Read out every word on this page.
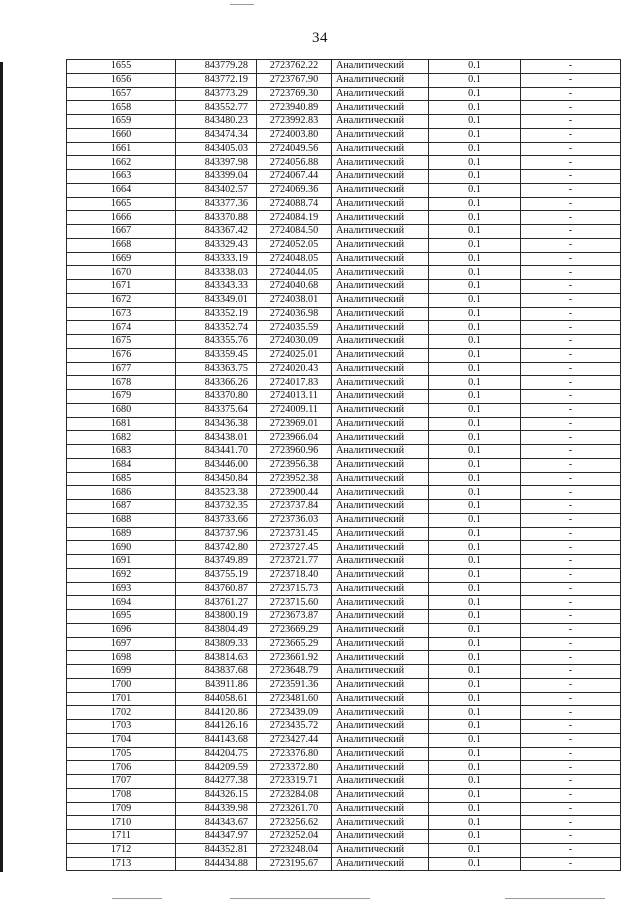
34
1655	843779.28	2723762.22	Аналитический	0.1	-
1656	843772.19	2723767.90	Аналитический	0.1	-
1657	843773.29	2723769.30	Аналитический	0.1	-
1658	843552.77	2723940.89	Аналитический	0.1	-
1659	843480.23	2723992.83	Аналитический	0.1	-
1660	843474.34	2724003.80	Аналитический	0.1	-
1661	843405.03	2724049.56	Аналитический	0.1	-
1662	843397.98	2724056.88	Аналитический	0.1	-
1663	843399.04	2724067.44	Аналитический	0.1	-
1664	843402.57	2724069.36	Аналитический	0.1	-
1665	843377.36	2724088.74	Аналитический	0.1	-
1666	843370.88	2724084.19	Аналитический	0.1	-
1667	843367.42	2724084.50	Аналитический	0.1	-
1668	843329.43	2724052.05	Аналитический	0.1	-
1669	843333.19	2724048.05	Аналитический	0.1	-
1670	843338.03	2724044.05	Аналитический	0.1	-
1671	843343.33	2724040.68	Аналитический	0.1	-
1672	843349.01	2724038.01	Аналитический	0.1	-
1673	843352.19	2724036.98	Аналитический	0.1	-
1674	843352.74	2724035.59	Аналитический	0.1	-
1675	843355.76	2724030.09	Аналитический	0.1	-
1676	843359.45	2724025.01	Аналитический	0.1	-
1677	843363.75	2724020.43	Аналитический	0.1	-
1678	843366.26	2724017.83	Аналитический	0.1	-
1679	843370.80	2724013.11	Аналитический	0.1	-
1680	843375.64	2724009.11	Аналитический	0.1	-
1681	843436.38	2723969.01	Аналитический	0.1	-
1682	843438.01	2723966.04	Аналитический	0.1	-
1683	843441.70	2723960.96	Аналитический	0.1	-
1684	843446.00	2723956.38	Аналитический	0.1	-
1685	843450.84	2723952.38	Аналитический	0.1	-
1686	843523.38	2723900.44	Аналитический	0.1	-
1687	843732.35	2723737.84	Аналитический	0.1	-
1688	843733.66	2723736.03	Аналитический	0.1	-
1689	843737.96	2723731.45	Аналитический	0.1	-
1690	843742.80	2723727.45	Аналитический	0.1	-
1691	843749.89	2723721.77	Аналитический	0.1	-
1692	843755.19	2723718.40	Аналитический	0.1	-
1693	843760.87	2723715.73	Аналитический	0.1	-
1694	843761.27	2723715.60	Аналитический	0.1	-
1695	843800.19	2723673.87	Аналитический	0.1	-
1696	843804.49	2723669.29	Аналитический	0.1	-
1697	843809.33	2723665.29	Аналитический	0.1	-
1698	843814.63	2723661.92	Аналитический	0.1	-
1699	843837.68	2723648.79	Аналитический	0.1	-
1700	843911.86	2723591.36	Аналитический	0.1	-
1701	844058.61	2723481.60	Аналитический	0.1	-
1702	844120.86	2723439.09	Аналитический	0.1	-
1703	844126.16	2723435.72	Аналитический	0.1	-
1704	844143.68	2723427.44	Аналитический	0.1	-
1705	844204.75	2723376.80	Аналитический	0.1	-
1706	844209.59	2723372.80	Аналитический	0.1	-
1707	844277.38	2723319.71	Аналитический	0.1	-
1708	844326.15	2723284.08	Аналитический	0.1	-
1709	844339.98	2723261.70	Аналитический	0.1	-
1710	844343.67	2723256.62	Аналитический	0.1	-
1711	844347.97	2723252.04	Аналитический	0.1	-
1712	844352.81	2723248.04	Аналитический	0.1	-
1713	844434.88	2723195.67	Аналитический	0.1	-
